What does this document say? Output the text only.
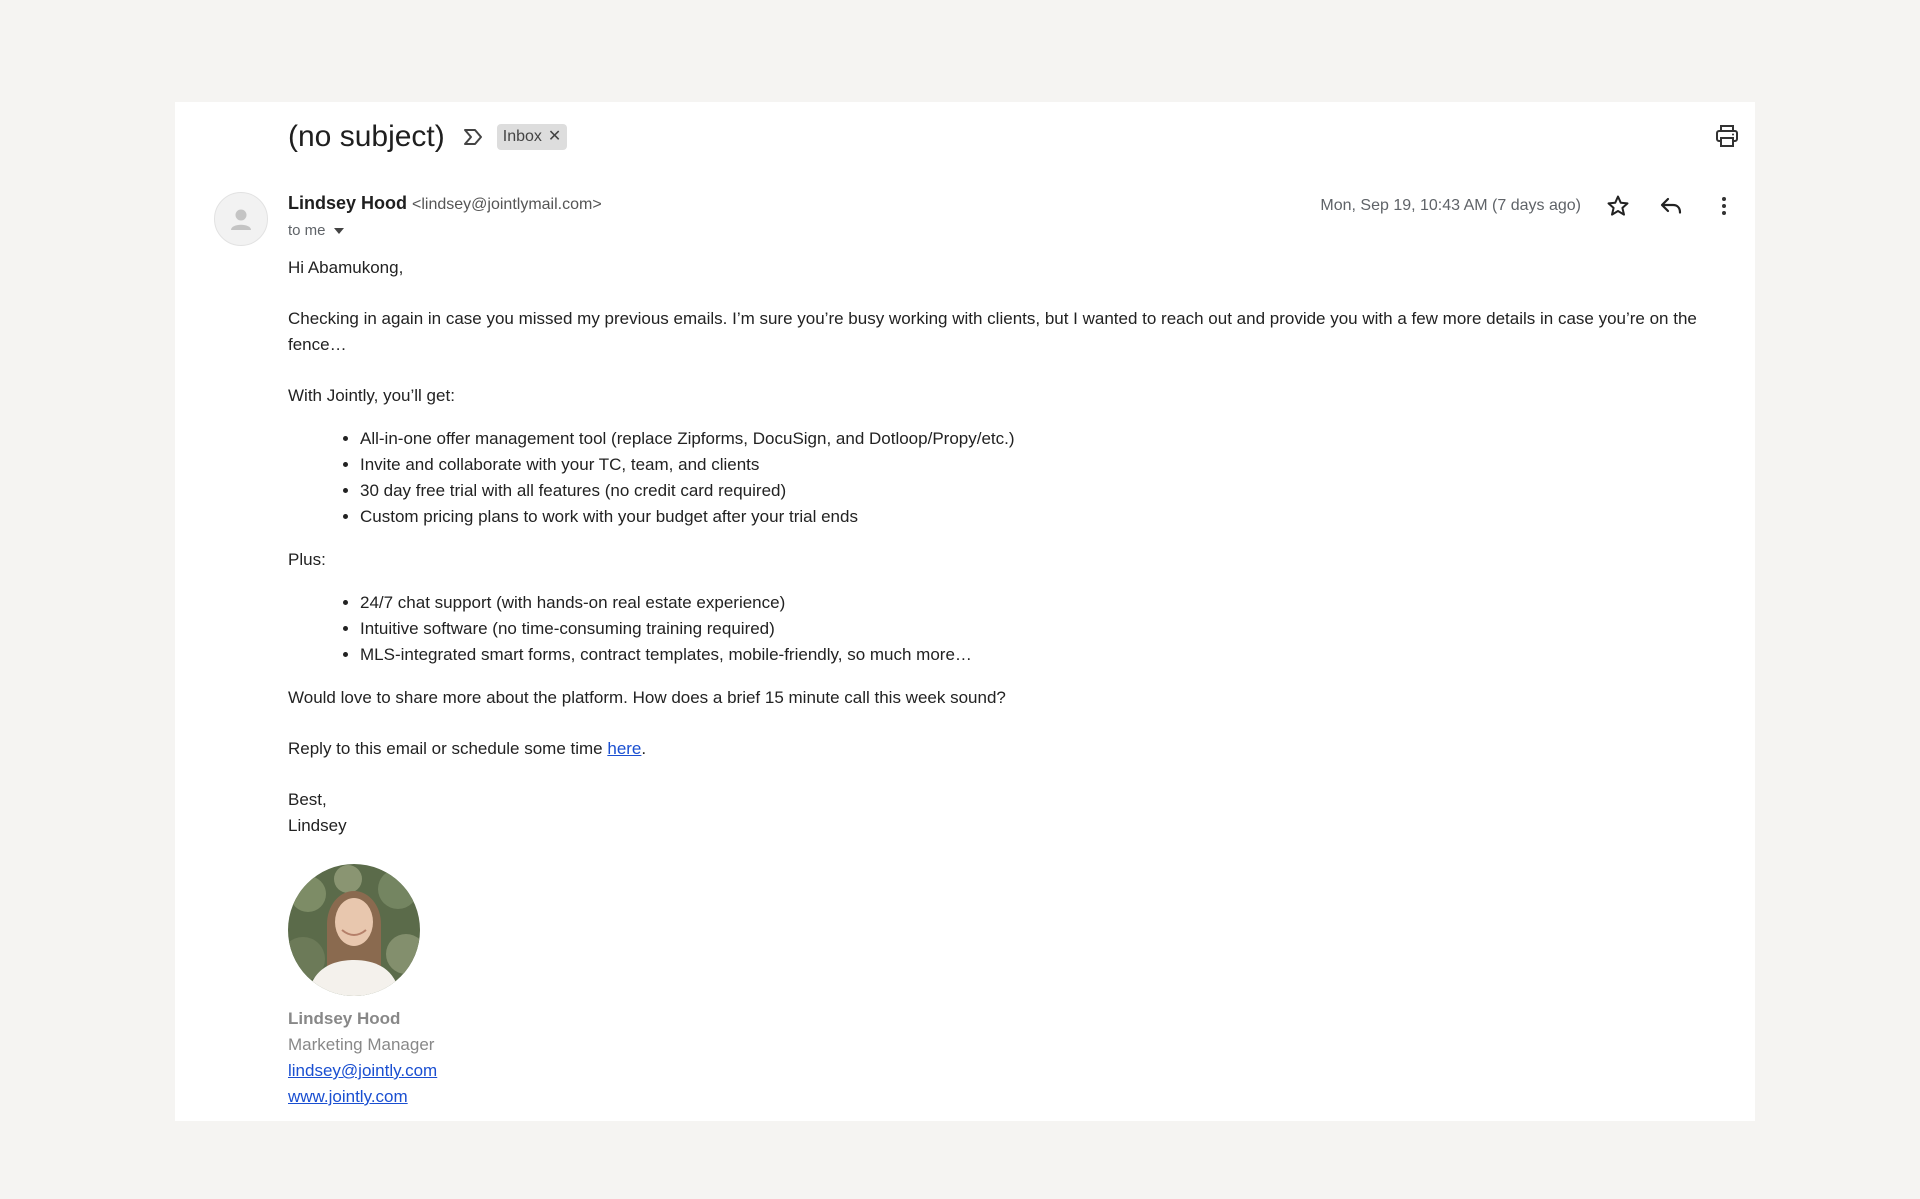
(no subject)	Inbox ✕
Lindsey Hood <lindsey@jointlymail.com>
to me
Mon, Sep 19, 10:43 AM (7 days ago)

Hi Abamukong,

Checking in again in case you missed my previous emails. I’m sure you’re busy working with clients, but I wanted to reach out and provide you with a few more details in case you’re on the fence…

With Jointly, you’ll get:

• All-in-one offer management tool (replace Zipforms, DocuSign, and Dotloop/Propy/etc.)
• Invite and collaborate with your TC, team, and clients
• 30 day free trial with all features (no credit card required)
• Custom pricing plans to work with your budget after your trial ends

Plus:

• 24/7 chat support (with hands-on real estate experience)
• Intuitive software (no time-consuming training required)
• MLS-integrated smart forms, contract templates, mobile-friendly, so much more…

Would love to share more about the platform. How does a brief 15 minute call this week sound?

Reply to this email or schedule some time here.

Best,
Lindsey

Lindsey Hood
Marketing Manager
lindsey@jointly.com
www.jointly.com
